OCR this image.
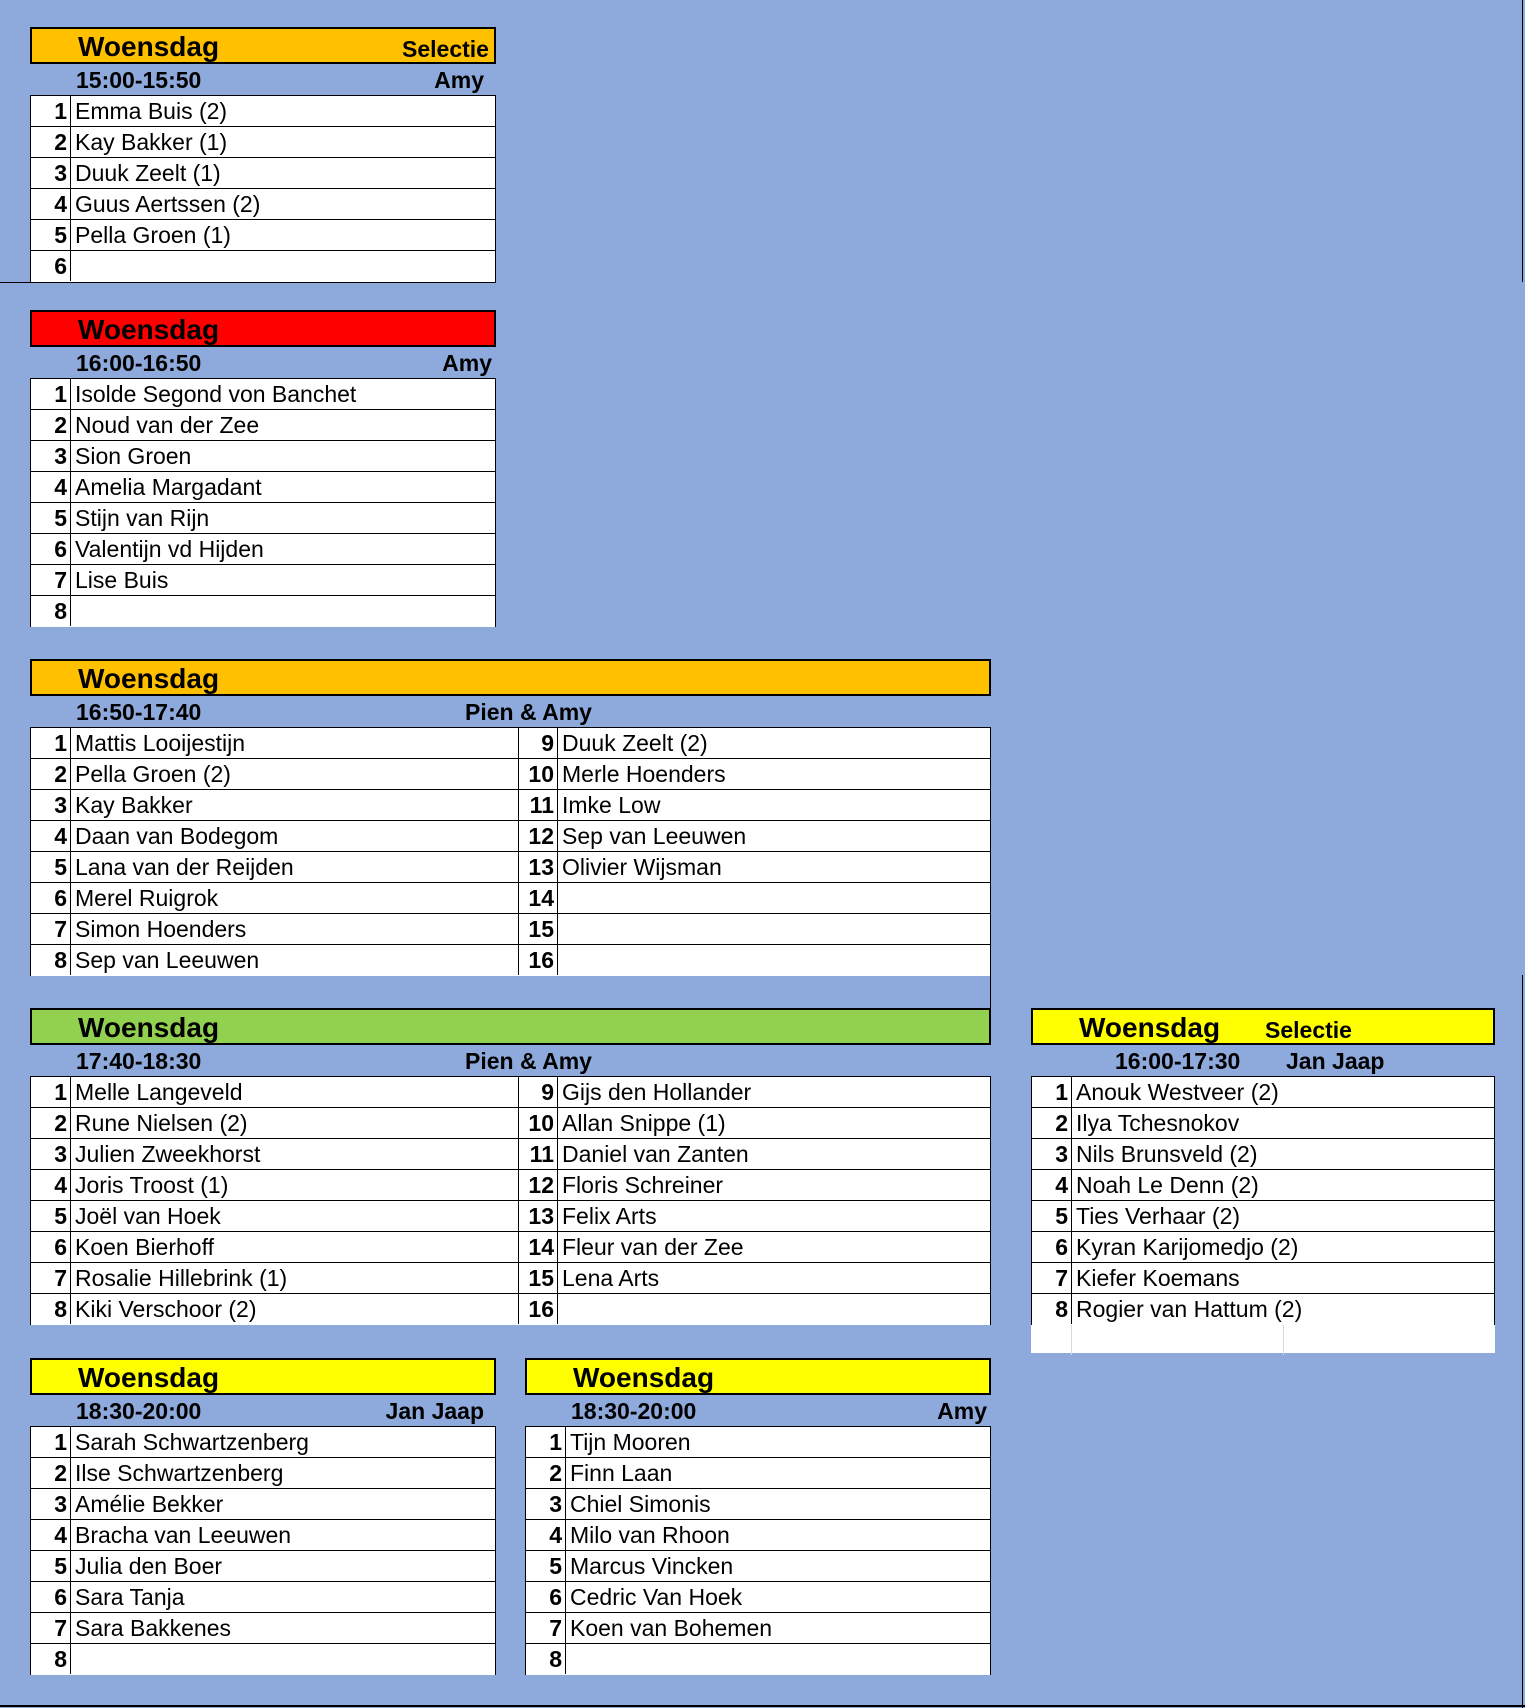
Woensdag	Selectie
15:00-15:50	Amy
1 Emma Buis (2)
2 Kay Bakker (1)
3 Duuk Zeelt (1)
4 Guus Aertssen (2)
5 Pella Groen (1)
6
Woensdag
16:00-16:50	Amy
1 Isolde Segond von Banchet
2 Noud van der Zee
3 Sion Groen
4 Amelia Margadant
5 Stijn van Rijn
6 Valentijn vd Hijden
7 Lise Buis
8
Woensdag
16:50-17:40	Pien & Amy
1 Mattis Looijestijn	9 Duuk Zeelt (2)
2 Pella Groen (2)	10 Merle Hoenders
3 Kay Bakker	11 Imke Low
4 Daan van Bodegom	12 Sep van Leeuwen
5 Lana van der Reijden	13 Olivier Wijsman
6 Merel Ruigrok	14
7 Simon Hoenders	15
8 Sep van Leeuwen	16
Woensdag
17:40-18:30	Pien & Amy
1 Melle Langeveld	9 Gijs den Hollander
2 Rune Nielsen (2)	10 Allan Snippe (1)
3 Julien Zweekhorst	11 Daniel van Zanten
4 Joris Troost (1)	12 Floris Schreiner
5 Joël van Hoek	13 Felix Arts
6 Koen Bierhoff	14 Fleur van der Zee
7 Rosalie Hillebrink (1)	15 Lena Arts
8 Kiki Verschoor (2)	16
Woensdag Selectie
16:00-17:30 Jan Jaap
1 Anouk Westveer (2)
2 Ilya Tchesnokov
3 Nils Brunsveld (2)
4 Noah Le Denn (2)
5 Ties Verhaar (2)
6 Kyran Karijomedjo (2)
7 Kiefer Koemans
8 Rogier van Hattum (2)
Woensdag
18:30-20:00	Jan Jaap
1 Sarah Schwartzenberg
2 Ilse Schwartzenberg
3 Amélie Bekker
4 Bracha van Leeuwen
5 Julia den Boer
6 Sara Tanja
7 Sara Bakkenes
8
Woensdag
18:30-20:00	Amy
1 Tijn Mooren
2 Finn Laan
3 Chiel Simonis
4 Milo van Rhoon
5 Marcus Vincken
6 Cedric Van Hoek
7 Koen van Bohemen
8
